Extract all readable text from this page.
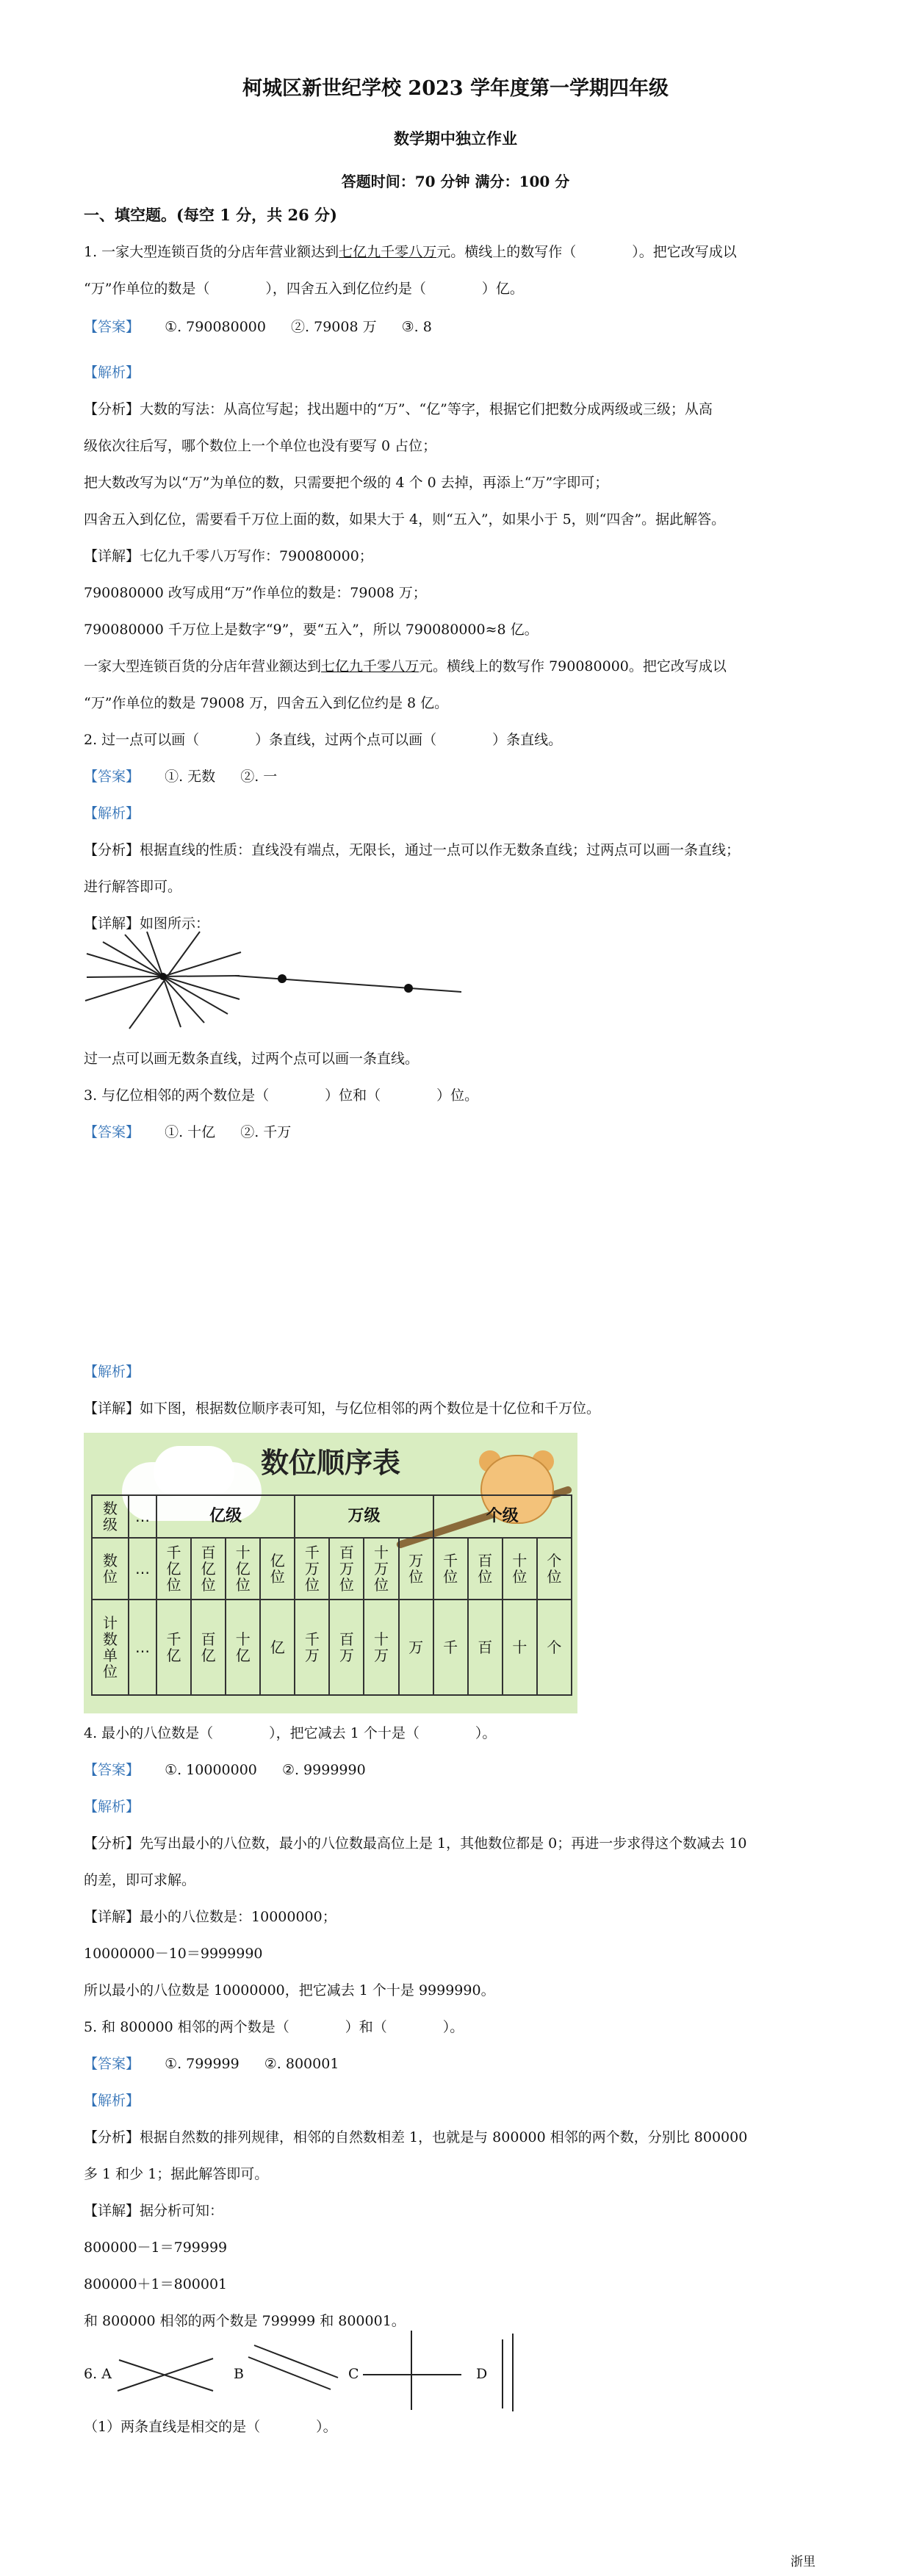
柯城区新世纪学校 2023 学年度第一学期四年级
数学期中独立作业
答题时间：70 分钟 满分：100 分
一、填空题。(每空 1 分，共 26 分)
1. 一家大型连锁百货的分店年营业额达到七亿九千零八万元。横线上的数写作（　　　　）。把它改写成以
“万”作单位的数是（　　　　），四舍五入到亿位约是（　　　　）亿。
【答案】 ①. 790080000 ②. 79008 万 ③. 8
【解析】
【分析】大数的写法：从高位写起；找出题中的“万”、“亿”等字，根据它们把数分成两级或三级；从高
级依次往后写，哪个数位上一个单位也没有要写 0 占位；
把大数改写为以“万”为单位的数，只需要把个级的 4 个 0 去掉，再添上“万”字即可；
四舍五入到亿位，需要看千万位上面的数，如果大于 4，则“五入”，如果小于 5，则“四舍”。据此解答。
【详解】七亿九千零八万写作：790080000；
790080000 改写成用“万”作单位的数是：79008 万；
790080000 千万位上是数字“9”，要“五入”，所以 790080000≈8 亿。
一家大型连锁百货的分店年营业额达到七亿九千零八万元。横线上的数写作 790080000。把它改写成以
“万”作单位的数是 79008 万，四舍五入到亿位约是 8 亿。
2. 过一点可以画（　　　　）条直线，过两个点可以画（　　　　）条直线。
【答案】 ①. 无数 ②. 一
【解析】
【分析】根据直线的性质：直线没有端点，无限长，通过一点可以作无数条直线；过两点可以画一条直线；
进行解答即可。
【详解】如图所示：
过一点可以画无数条直线，过两个点可以画一条直线。
3. 与亿位相邻的两个数位是（　　　　）位和（　　　　）位。
【答案】 ①. 十亿 ②. 千万
【解析】
【详解】如下图，根据数位顺序表可知，与亿位相邻的两个数位是十亿位和千万位。
数位顺序表
数级	…	亿级				万级				个级			
数位	…	千亿位	百亿位	十亿位	亿位	千万位	百万位	十万位	万位	千位	百位	十位	个位
计数单位	…	千亿	百亿	十亿	亿	千万	百万	十万	万	千	百	十	个
4. 最小的八位数是（　　　　），把它减去 1 个十是（　　　　）。
【答案】 ①. 10000000 ②. 9999990
【解析】
【分析】先写出最小的八位数，最小的八位数最高位上是 1，其他数位都是 0；再进一步求得这个数减去 10
的差，即可求解。
【详解】最小的八位数是：10000000；
10000000－10＝9999990
所以最小的八位数是 10000000，把它减去 1 个十是 9999990。
5. 和 800000 相邻的两个数是（　　　　）和（　　　　）。
【答案】 ①. 799999 ②. 800001
【解析】
【分析】根据自然数的排列规律，相邻的自然数相差 1，也就是与 800000 相邻的两个数，分别比 800000
多 1 和少 1；据此解答即可。
【详解】据分析可知：
800000－1＝799999
800000＋1＝800001
和 800000 相邻的两个数是 799999 和 800001。
6. A	B	C	D
（1）两条直线是相交的是（　　　　）。
浙里
